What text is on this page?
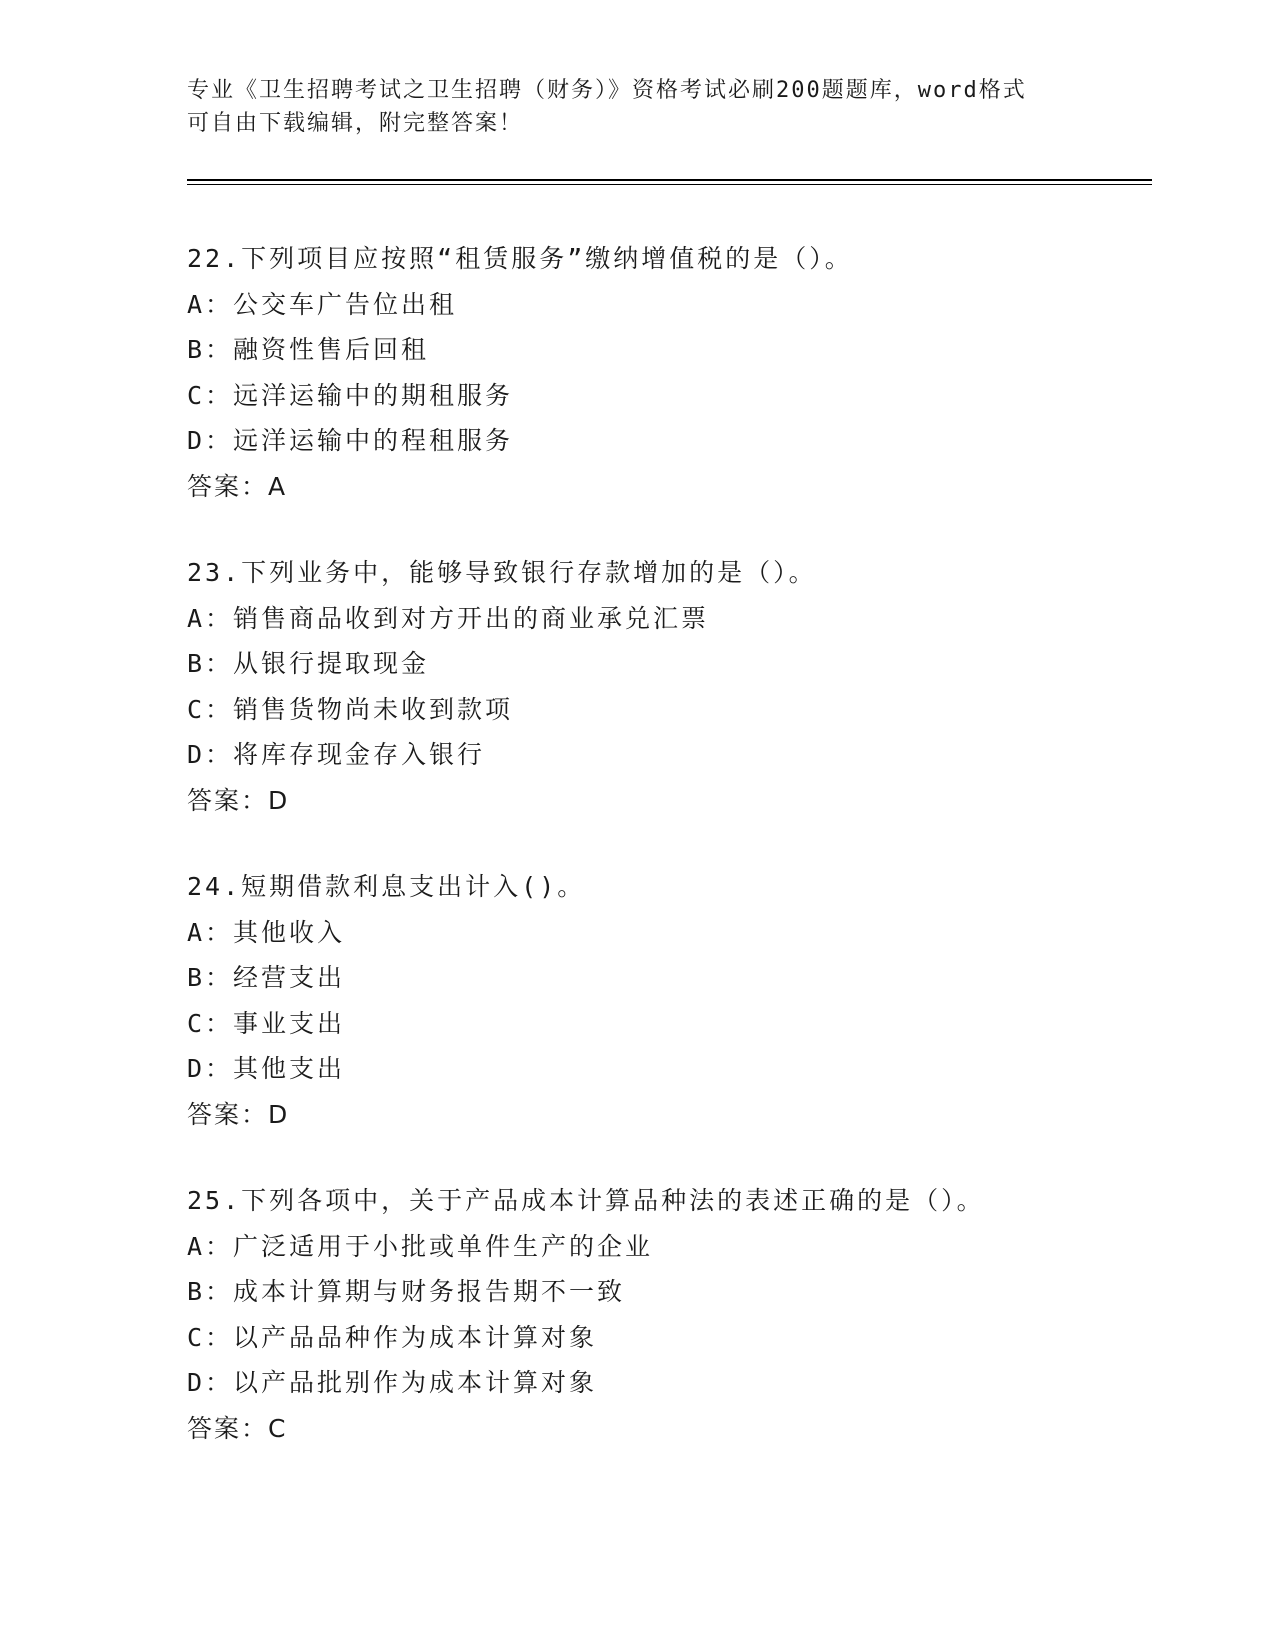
专业《卫生招聘考试之卫生招聘（财务）》资格考试必刷200题题库，word格式

可自由下载编辑，附完整答案！

22.下列项目应按照“租赁服务”缴纳增值税的是（）。
A：公交车广告位出租
B：融资性售后回租
C：远洋运输中的期租服务
D：远洋运输中的程租服务
答案：A
23.下列业务中，能够导致银行存款增加的是（）。
A：销售商品收到对方开出的商业承兑汇票
B：从银行提取现金
C：销售货物尚未收到款项
D：将库存现金存入银行
答案：D
24.短期借款利息支出计入()。
A：其他收入
B：经营支出
C：事业支出
D：其他支出
答案：D
25.下列各项中，关于产品成本计算品种法的表述正确的是（）。
A：广泛适用于小批或单件生产的企业
B：成本计算期与财务报告期不一致
C：以产品品种作为成本计算对象
D：以产品批别作为成本计算对象
答案：C
